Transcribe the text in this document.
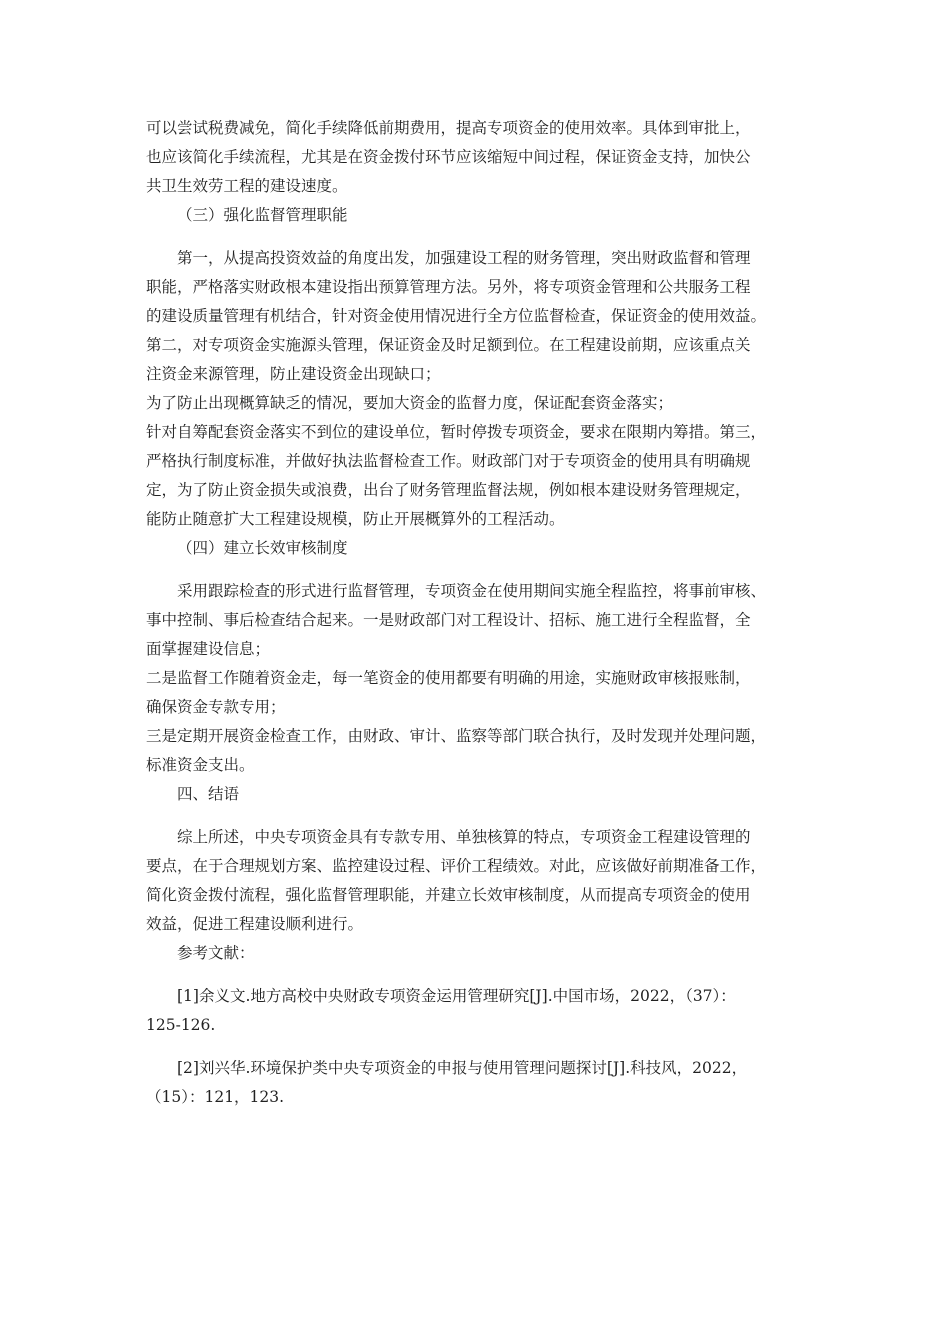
可以尝试税费减免，简化手续降低前期费用，提高专项资金的使用效率。具体到审批上，
也应该简化手续流程，尤其是在资金拨付环节应该缩短中间过程，保证资金支持，加快公
共卫生效劳工程的建设速度。

（三）强化监督管理职能

第一，从提高投资效益的角度出发，加强建设工程的财务管理，突出财政监督和管理
职能，严格落实财政根本建设指出预算管理方法。另外，将专项资金管理和公共服务工程
的建设质量管理有机结合，针对资金使用情况进行全方位监督检查，保证资金的使用效益。
第二，对专项资金实施源头管理，保证资金及时足额到位。在工程建设前期，应该重点关
注资金来源管理，防止建设资金出现缺口；
为了防止出现概算缺乏的情况，要加大资金的监督力度，保证配套资金落实；
针对自筹配套资金落实不到位的建设单位，暂时停拨专项资金，要求在限期内筹措。第三，
严格执行制度标准，并做好执法监督检查工作。财政部门对于专项资金的使用具有明确规
定，为了防止资金损失或浪费，出台了财务管理监督法规，例如根本建设财务管理规定，
能防止随意扩大工程建设规模，防止开展概算外的工程活动。

（四）建立长效审核制度

采用跟踪检查的形式进行监督管理，专项资金在使用期间实施全程监控，将事前审核、
事中控制、事后检查结合起来。一是财政部门对工程设计、招标、施工进行全程监督，全
面掌握建设信息；
二是监督工作随着资金走，每一笔资金的使用都要有明确的用途，实施财政审核报账制，
确保资金专款专用；
三是定期开展资金检查工作，由财政、审计、监察等部门联合执行，及时发现并处理问题，
标准资金支出。

四、结语

综上所述，中央专项资金具有专款专用、单独核算的特点，专项资金工程建设管理的
要点，在于合理规划方案、监控建设过程、评价工程绩效。对此，应该做好前期准备工作，
简化资金拨付流程，强化监督管理职能，并建立长效审核制度，从而提高专项资金的使用
效益，促进工程建设顺利进行。

参考文献：

[1]余义文.地方高校中央财政专项资金运用管理研究[J].中国市场，2022，（37）：
125-126.

[2]刘兴华.环境保护类中央专项资金的申报与使用管理问题探讨[J].科技风，2022，
（15）：121，123.
